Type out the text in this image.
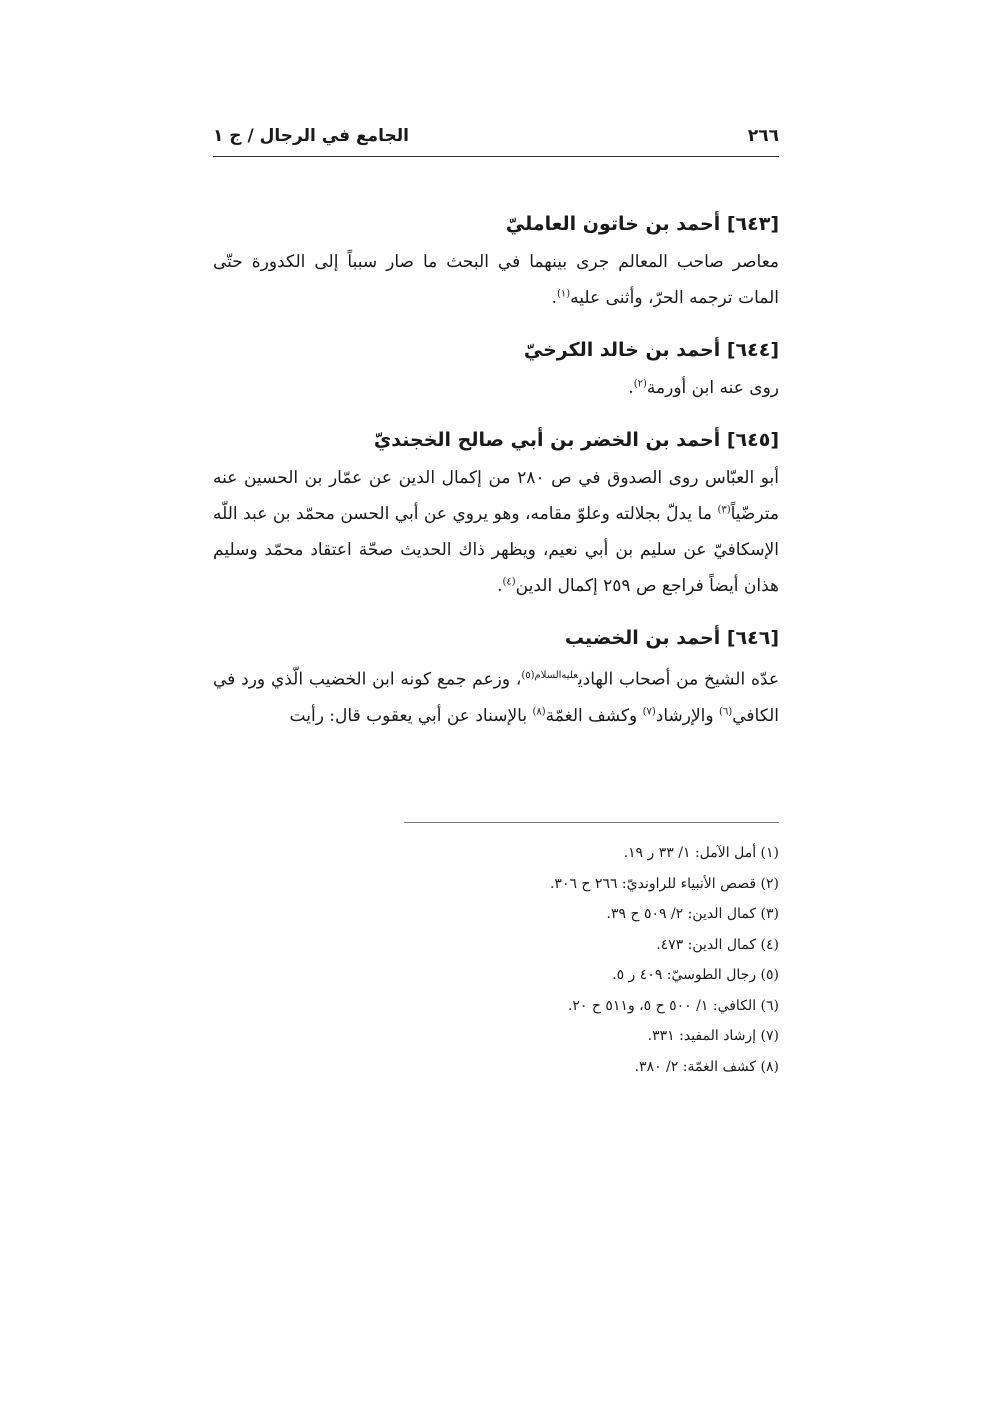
٢٦٦
الجامع في الرجال / ج ١
[٦٤٣] أحمد بن خاتون العامليّ
معاصر صاحب المعالم جرى بينهما في البحث ما صار سبباً إلى الكدورة حتّى المات ترجمه الحرّ، وأثنى عليه$^{(١)}$.
[٦٤٤] أحمد بن خالد الكرخيّ
روى عنه ابن أورمة$^{(٢)}$.
[٦٤٥] أحمد بن الخضر بن أبي صالح الخجنديّ
أبو العبّاس روى الصدوق في ص ٢٨٠ من إكمال الدين عن عمّار بن الحسين عنه مترضّياً$^{(٣)}$ ما يدلّ بجلالته وعلوّ مقامه، وهو يروي عن أبي الحسن محمّد بن عبد اللّه الإسكافيّ عن سليم بن أبي نعيم، ويظهر ذاك الحديث صحّة اعتقاد محمّد وسليم هذان أيضاً فراجع ص ٢٥٩ إكمال الدين$^{(٤)}$.
[٦٤٦] أحمد بن الخضيب
عدّه الشيخ من أصحاب الهادي$^{عليه‌السلام(٥)}$، وزعم جمع كونه ابن الخضيب الّذي ورد في الكافي$^{(٦)}$ والإرشاد$^{(٧)}$ وكشف الغمّة$^{(٨)}$ بالإسناد عن أبي يعقوب قال: رأيت
(١) أمل الآمل: ١/ ٣٣ ر ١٩.
(٢) قصص الأنبياء للراونديّ: ٢٦٦ ح ٣٠٦.
(٣) كمال الدين: ٢/ ٥٠٩ ح ٣٩.
(٤) كمال الدين: ٤٧٣.
(٥) رجال الطوسيّ: ٤٠٩ ر ٥.
(٦) الكافي: ١/ ٥٠٠ ح ٥، و٥١١ ح ٢٠.
(٧) إرشاد المفيد: ٣٣١.
(٨) كشف الغمّة: ٢/ ٣٨٠.
